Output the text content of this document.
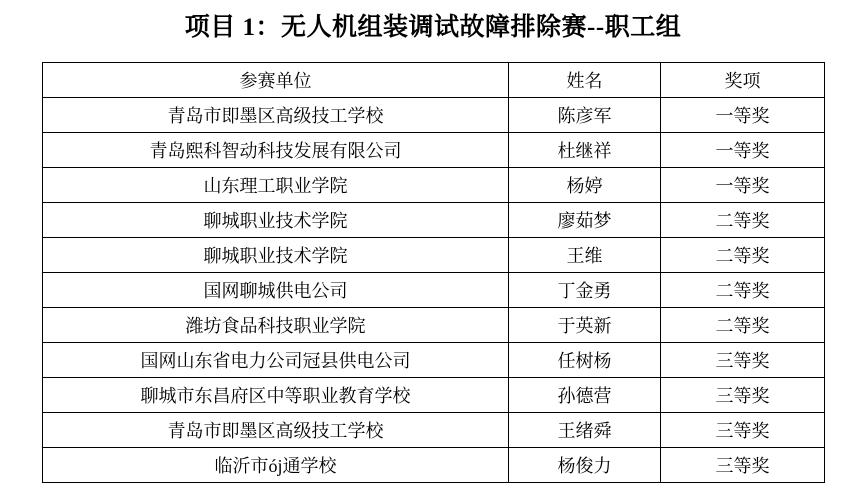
项目 1：无人机组装调试故障排除赛--职工组
参赛单位	姓名	奖项
青岛市即墨区高级技工学校	陈彦军	一等奖
青岛熙科智动科技发展有限公司	杜继祥	一等奖
山东理工职业学院	杨婷	一等奖
聊城职业技术学院	廖茹梦	二等奖
聊城职业技术学院	王维	二等奖
国网聊城供电公司	丁金勇	二等奖
潍坊食品科技职业学院	于英新	二等奖
国网山东省电力公司冠县供电公司	任树杨	三等奖
聊城市东昌府区中等职业教育学校	孙德营	三等奖
青岛市即墨区高级技工学校	王绪舜	三等奖
临沂市ój通学校	杨俊力	三等奖
